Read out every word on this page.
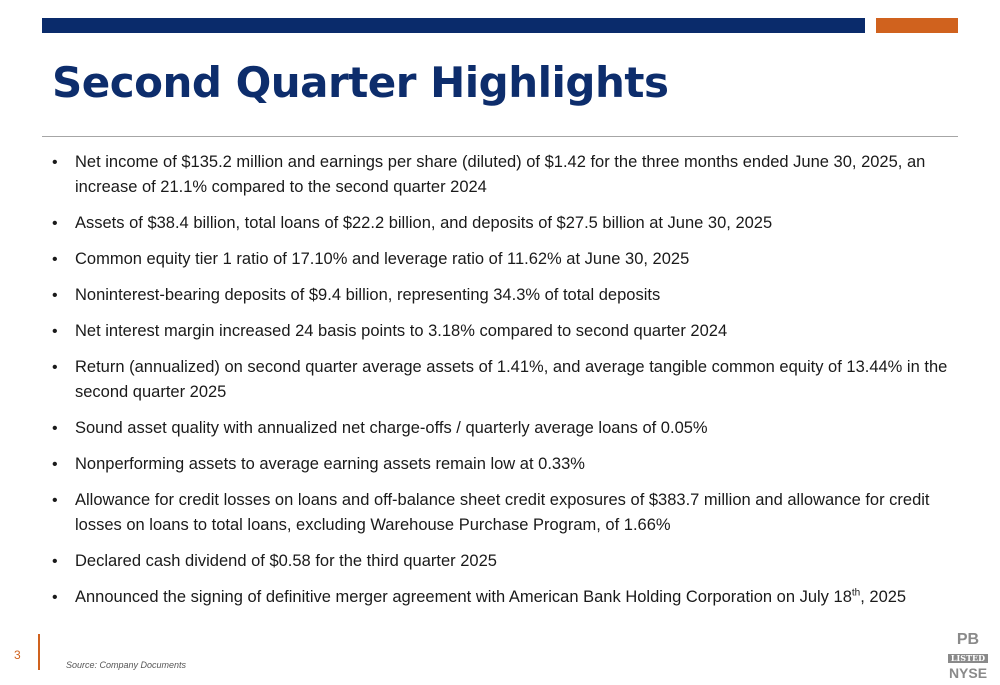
Second Quarter Highlights
• Net income of $135.2 million and earnings per share (diluted) of $1.42 for the three months ended June 30, 2025, an increase of 21.1% compared to the second quarter 2024
• Assets of $38.4 billion, total loans of $22.2 billion, and deposits of $27.5 billion at June 30, 2025
• Common equity tier 1 ratio of 17.10% and leverage ratio of 11.62% at June 30, 2025
• Noninterest-bearing deposits of $9.4 billion, representing 34.3% of total deposits
• Net interest margin increased 24 basis points to 3.18% compared to second quarter 2024
• Return (annualized) on second quarter average assets of 1.41%, and average tangible common equity of 13.44% in the second quarter 2025
• Sound asset quality with annualized net charge-offs / quarterly average loans of 0.05%
• Nonperforming assets to average earning assets remain low at 0.33%
• Allowance for credit losses on loans and off-balance sheet credit exposures of $383.7 million and allowance for credit losses on loans to total loans, excluding Warehouse Purchase Program, of 1.66%
• Declared cash dividend of $0.58 for the third quarter 2025
• Announced the signing of definitive merger agreement with American Bank Holding Corporation on July 18th, 2025
3
Source: Company Documents
PB
LISTED
NYSE
